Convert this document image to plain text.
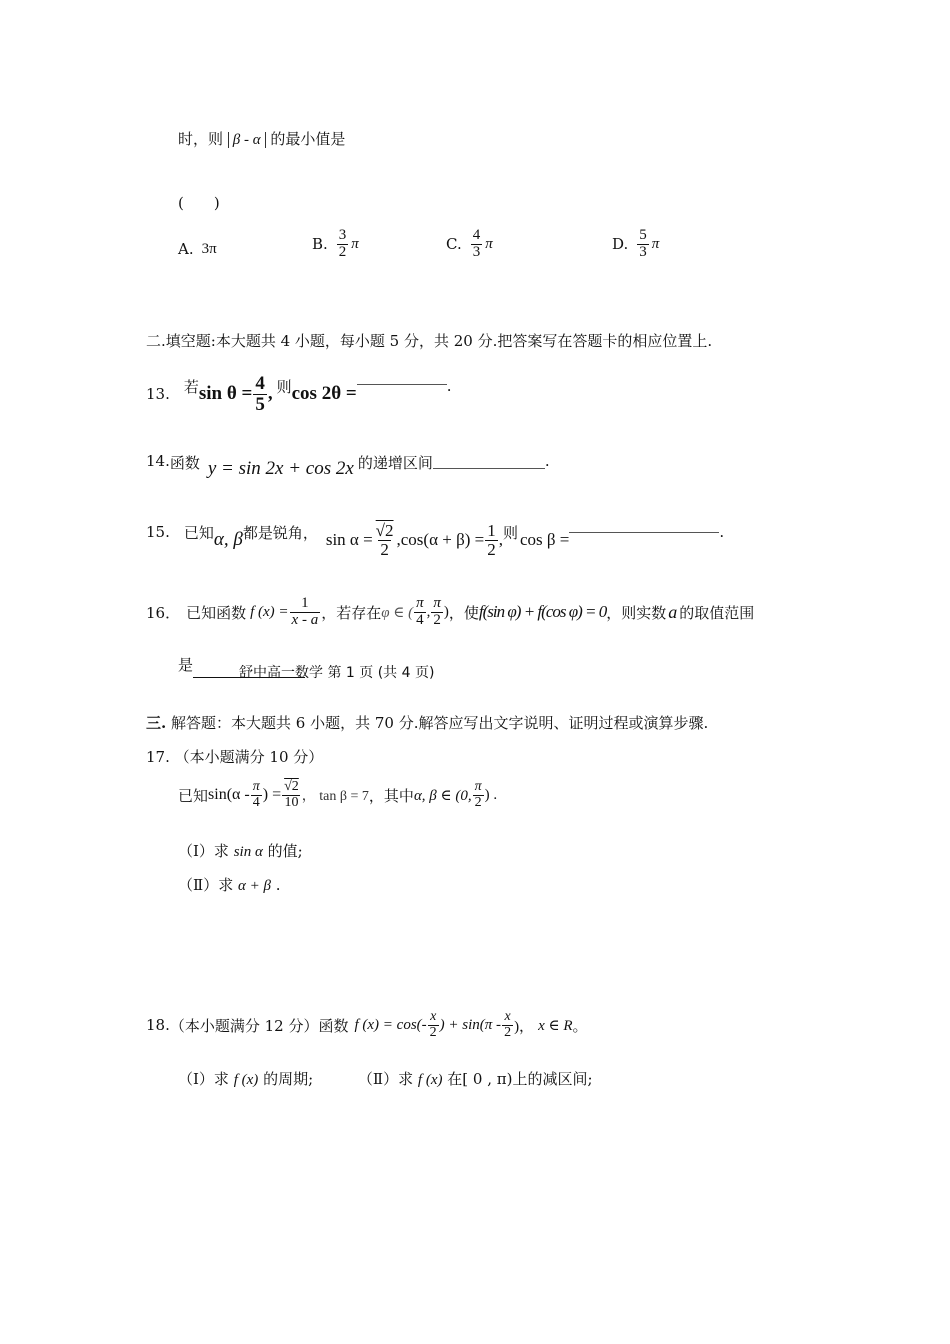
时，则 β - α 的最小值是
(　　)
A. 3π	B. $\frac{3}{2}$ π	C. $\frac{4}{3}$ π	D. $\frac{5}{3}$ π
二.填空题:本大题共 4 小题，每小题 5 分，共 20 分.把答案写在答题卡的相应位置上.
13. 若 $\sin \theta = \frac{4}{5}$ , 则 cos 2θ =	.
14. 函数 y = sin 2x + cos 2x 的递增区间	.
15. 已知 α, β 都是锐角， $\sin \alpha = \frac{√2}{2} ,\cos(\alpha + \beta) = \frac{1}{2}$ , 则 cos β =	.
16． 已知函数 f $(x) = \frac{1}{x - a}$ ，若存在 φ ∈ ( $\frac{\pi}{4}$ , $\frac{\pi}{2}$ ) ，使 f(sin φ) + f(cos φ) = 0 ，则实数 a 的取值范围
是	舒中高一数学 第 1 页 (共 4 页)
三. 解答题：本大题共 6 小题，共 70 分.解答应写出文字说明、证明过程或演算步骤.
17. （本小题满分 10 分）
已知 $\sin(\alpha - \frac{\pi}{4}$ ) = $\frac{√2}{10}$ ， tan β = 7 ，其中 α, β ∈ (0, $\frac{\pi}{2}$ ) .
（Ⅰ）求 sin α 的值;
（Ⅱ）求 α + β .
18. （本小题满分 12 分）函数 f $(x) = \cos(- \frac{x}{2}$ ) + $\sin(\pi - \frac{x}{2}$ )， x ∈ R 。
（Ⅰ）求 f (x) 的周期;	（Ⅱ）求 f (x) 在[ 0 , π)上的减区间;
